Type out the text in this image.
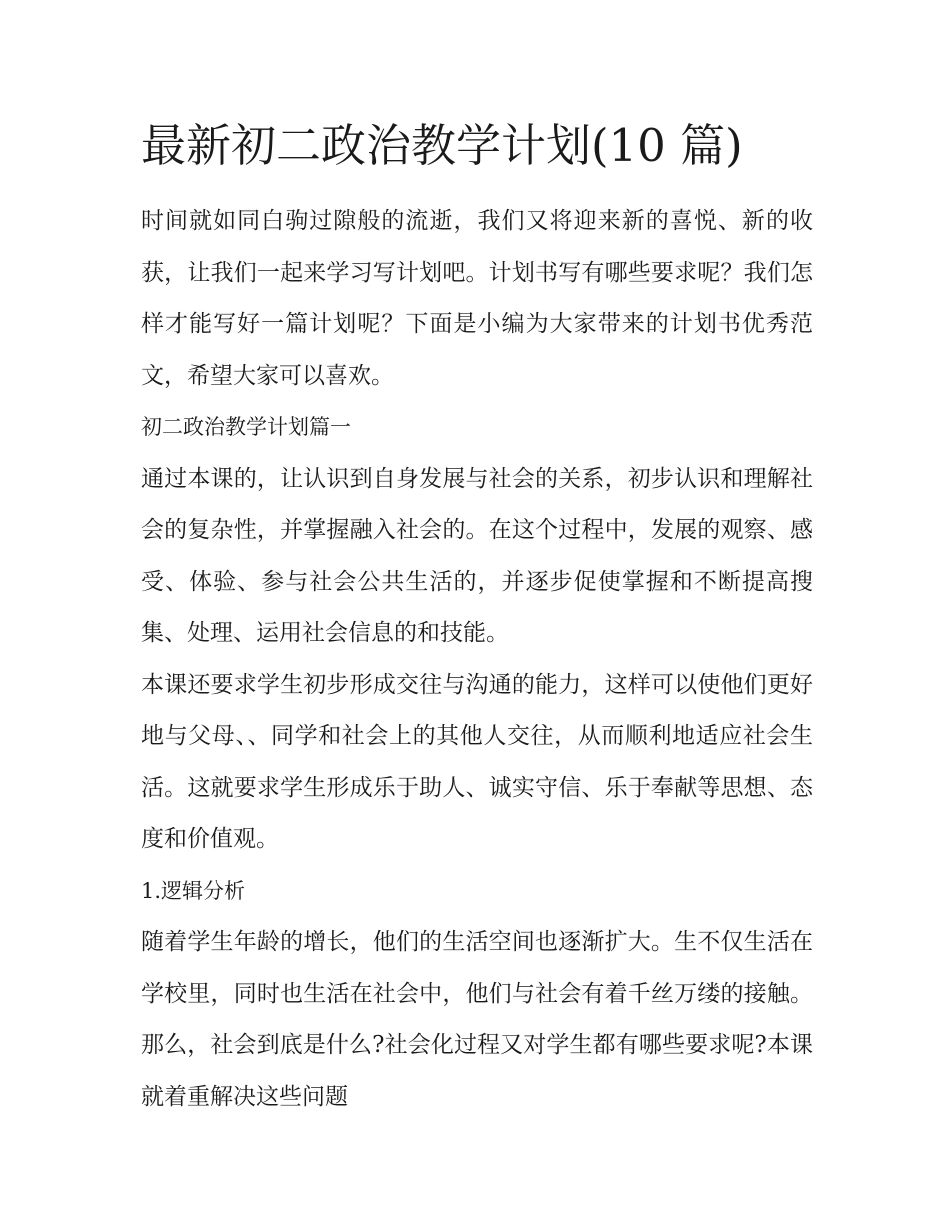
最新初二政治教学计划(10 篇)

时间就如同白驹过隙般的流逝，我们又将迎来新的喜悦、新的收获，让我们一起来学习写计划吧。计划书写有哪些要求呢？我们怎样才能写好一篇计划呢？下面是小编为大家带来的计划书优秀范文，希望大家可以喜欢。

初二政治教学计划篇一

通过本课的，让认识到自身发展与社会的关系，初步认识和理解社会的复杂性，并掌握融入社会的。在这个过程中，发展的观察、感受、体验、参与社会公共生活的，并逐步促使掌握和不断提高搜集、处理、运用社会信息的和技能。

本课还要求学生初步形成交往与沟通的能力，这样可以使他们更好地与父母、、同学和社会上的其他人交往，从而顺利地适应社会生活。这就要求学生形成乐于助人、诚实守信、乐于奉献等思想、态度和价值观。

1.逻辑分析

随着学生年龄的增长，他们的生活空间也逐渐扩大。生不仅生活在学校里，同时也生活在社会中，他们与社会有着千丝万缕的接触。那么，社会到底是什么?社会化过程又对学生都有哪些要求呢?本课就着重解决这些问题
